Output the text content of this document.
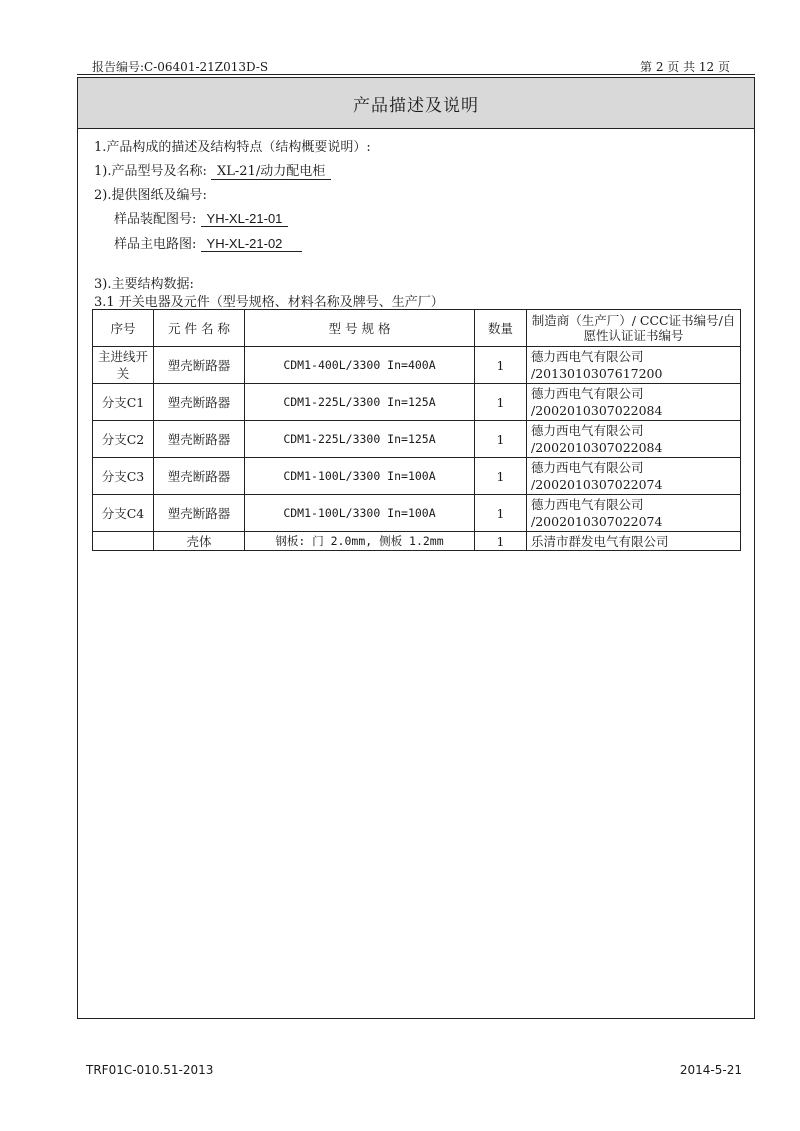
报告编号:C-06401-21Z013D-S	第 2 页 共 12 页
产品描述及说明
1.产品构成的描述及结构特点（结构概要说明）:
1).产品型号及名称: XL-21/动力配电柜
2).提供图纸及编号:
样品装配图号: YH-XL-21-01
样品主电路图: YH-XL-21-02
3).主要结构数据:
3.1 开关电器及元件（型号规格、材料名称及牌号、生产厂）
序号	元 件 名 称	型 号 规 格	数量	制造商（生产厂）/ CCC证书编号/自愿性认证证书编号
主进线开关	塑壳断路器	CDM1-400L/3300 In=400A	1	德力西电气有限公司
/2013010307617200

分支C1	塑壳断路器	CDM1-225L/3300 In=125A	1	德力西电气有限公司
/2002010307022084

分支C2	塑壳断路器	CDM1-225L/3300 In=125A	1	德力西电气有限公司
/2002010307022084

分支C3	塑壳断路器	CDM1-100L/3300 In=100A	1	德力西电气有限公司
/2002010307022074

分支C4	塑壳断路器	CDM1-100L/3300 In=100A	1	德力西电气有限公司
/2002010307022074

	壳体	钢板: 门 2.0mm, 侧板 1.2mm	1	乐清市群发电气有限公司
TRF01C-010.51-2013	2014-5-21
